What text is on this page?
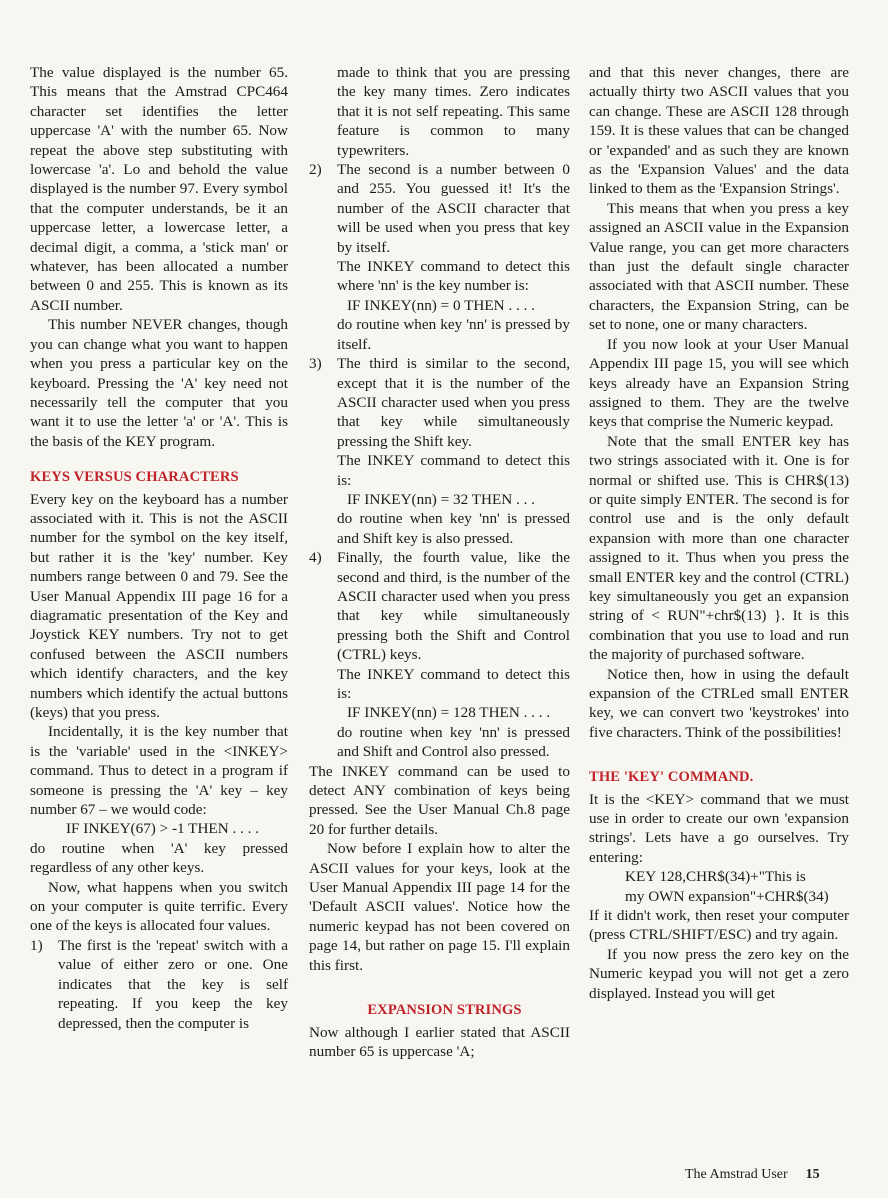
The value displayed is the number 65. This means that the Amstrad CPC464 character set identifies the letter uppercase 'A' with the number 65. Now repeat the above step substituting with lowercase 'a'. Lo and behold the value displayed is the number 97. Every symbol that the computer understands, be it an uppercase letter, a lowercase letter, a decimal digit, a comma, a 'stick man' or whatever, has been allocated a number between 0 and 255. This is known as its ASCII number.

This number NEVER changes, though you can change what you want to happen when you press a particular key on the keyboard. Pressing the 'A' key need not necessarily tell the computer that you want it to use the letter 'a' or 'A'. This is the basis of the KEY program.

KEYS VERSUS CHARACTERS

Every key on the keyboard has a number associated with it. This is not the ASCII number for the symbol on the key itself, but rather it is the 'key' number. Key numbers range between 0 and 79. See the User Manual Appendix III page 16 for a diagramatic presentation of the Key and Joystick KEY numbers. Try not to get confused between the ASCII numbers which identify characters, and the key numbers which identify the actual buttons (keys) that you press.

Incidentally, it is the key number that is the 'variable' used in the <INKEY> command. Thus to detect in a program if someone is pressing the 'A' key – key number 67 – we would code:

IF INKEY(67) > -1 THEN . . . .

do routine when 'A' key pressed regardless of any other keys.

Now, what happens when you switch on your computer is quite terrific. Every one of the keys is allocated four values.

1)	The first is the 'repeat' switch with a value of either zero or one. One indicates that the key is self repeating. If you keep the key depressed, then the computer is

made to think that you are pressing the key many times. Zero indicates that it is not self repeating. This same feature is common to many typewriters.

2)	The second is a number between 0 and 255. You guessed it! It's the number of the ASCII character that will be used when you press that key by itself.

The INKEY command to detect this where 'nn' is the key number is:

IF INKEY(nn) = 0 THEN . . . .

do routine when key 'nn' is pressed by itself.

3)	The third is similar to the second, except that it is the number of the ASCII character used when you press that key while simultaneously pressing the Shift key.

The INKEY command to detect this is:

IF INKEY(nn) = 32 THEN . . .

do routine when key 'nn' is pressed and Shift key is also pressed.

4)	Finally, the fourth value, like the second and third, is the number of the ASCII character used when you press that key while simultaneously pressing both the Shift and Control (CTRL) keys.

The INKEY command to detect this is:

IF INKEY(nn) = 128 THEN . . . .

do routine when key 'nn' is pressed and Shift and Control also pressed.

The INKEY command can be used to detect ANY combination of keys being pressed. See the User Manual Ch.8 page 20 for further details.

Now before I explain how to alter the ASCII values for your keys, look at the User Manual Appendix III page 14 for the 'Default ASCII values'. Notice how the numeric keypad has not been covered on page 14, but rather on page 15. I'll explain this first.

EXPANSION STRINGS

Now although I earlier stated that ASCII number 65 is uppercase 'A;

and that this never changes, there are actually thirty two ASCII values that you can change. These are ASCII 128 through 159. It is these values that can be changed or 'expanded' and as such they are known as the 'Expansion Values' and the data linked to them as the 'Expansion Strings'.

This means that when you press a key assigned an ASCII value in the Expansion Value range, you can get more characters than just the default single character associated with that ASCII number. These characters, the Expansion String, can be set to none, one or many characters.

If you now look at your User Manual Appendix III page 15, you will see which keys already have an Expansion String assigned to them. They are the twelve keys that comprise the Numeric keypad.

Note that the small ENTER key has two strings associated with it. One is for normal or shifted use. This is CHR$(13) or quite simply ENTER. The second is for control use and is the only default expansion with more than one character assigned to it. Thus when you press the small ENTER key and the control (CTRL) key simultaneously you get an expansion string of < RUN"+chr$(13) }. It is this combination that you use to load and run the majority of purchased software.

Notice then, how in using the default expansion of the CTRLed small ENTER key, we can convert two 'keystrokes' into five characters. Think of the possibilities!

THE 'KEY' COMMAND.

It is the <KEY> command that we must use in order to create our own 'expansion strings'. Lets have a go ourselves. Try entering:

KEY 128,CHR$(34)+"This is

my OWN expansion"+CHR$(34)

If it didn't work, then reset your computer (press CTRL/SHIFT/ESC) and try again.

If you now press the zero key on the Numeric keypad you will not get a zero displayed. Instead you will get

The Amstrad User 15
